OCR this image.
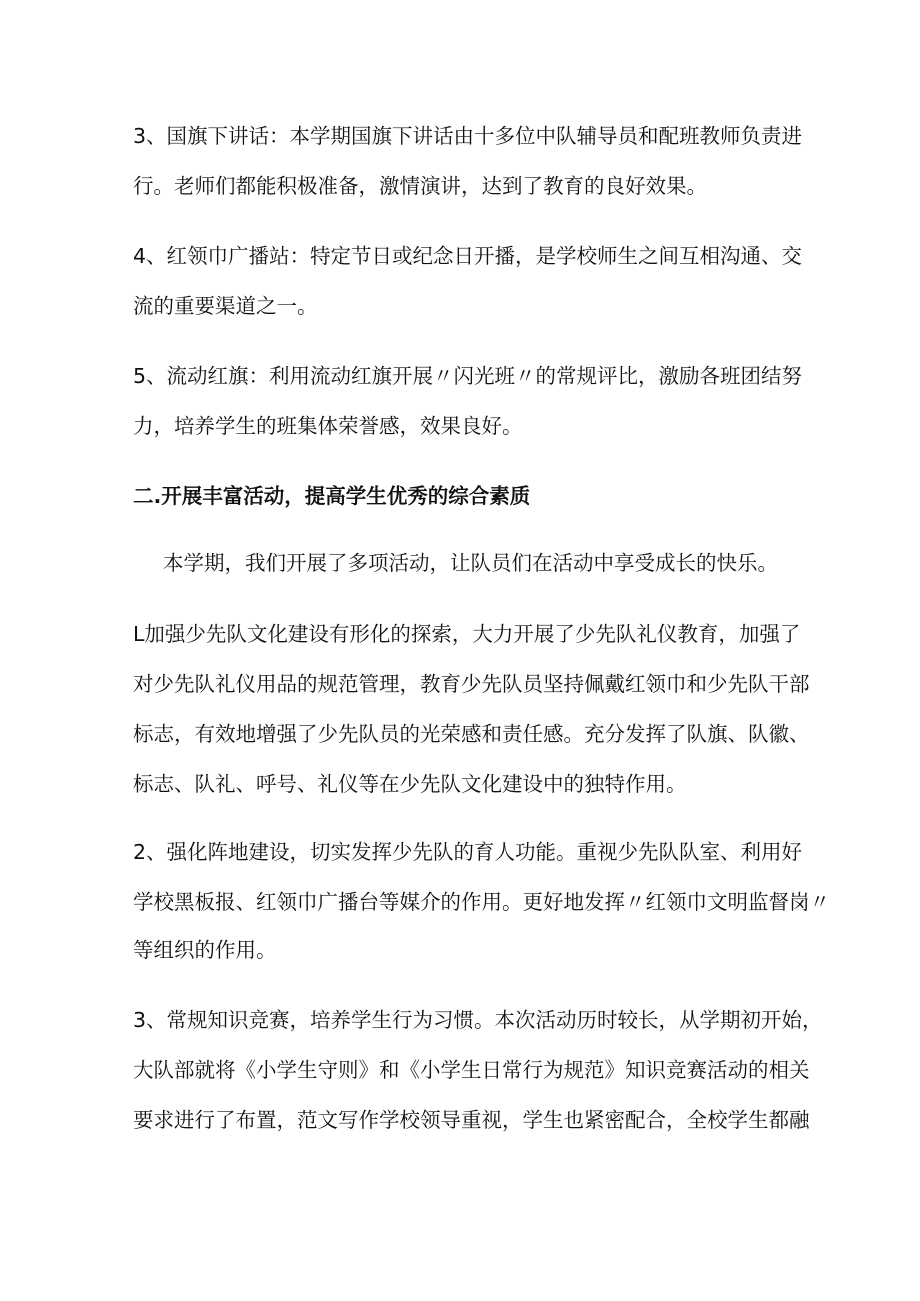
3、国旗下讲话：本学期国旗下讲话由十多位中队辅导员和配班教师负责进
行。老师们都能积极准备，激情演讲，达到了教育的良好效果。
4、红领巾广播站：特定节日或纪念日开播，是学校师生之间互相沟通、交
流的重要渠道之一。
5、流动红旗：利用流动红旗开展〃闪光班〃的常规评比，激励各班团结努
力，培养学生的班集体荣誉感，效果良好。
二.开展丰富活动，提高学生优秀的综合素质
本学期，我们开展了多项活动，让队员们在活动中享受成长的快乐。
L加强少先队文化建设有形化的探索，大力开展了少先队礼仪教育，加强了
对少先队礼仪用品的规范管理，教育少先队员坚持佩戴红领巾和少先队干部
标志，有效地增强了少先队员的光荣感和责任感。充分发挥了队旗、队徽、
标志、队礼、呼号、礼仪等在少先队文化建设中的独特作用。
2、强化阵地建设，切实发挥少先队的育人功能。重视少先队队室、利用好
学校黑板报、红领巾广播台等媒介的作用。更好地发挥〃红领巾文明监督岗〃
等组织的作用。
3、常规知识竞赛，培养学生行为习惯。本次活动历时较长，从学期初开始，
大队部就将《小学生守则》和《小学生日常行为规范》知识竞赛活动的相关
要求进行了布置，范文写作学校领导重视，学生也紧密配合，全校学生都融
